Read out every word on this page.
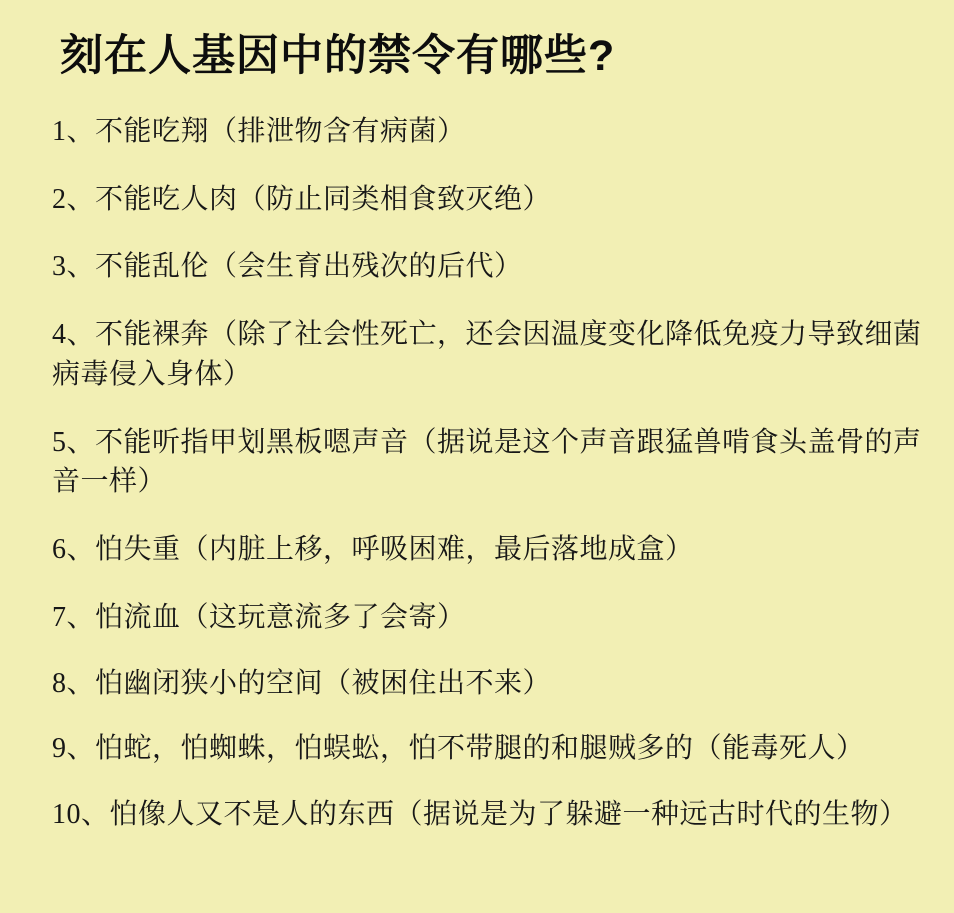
刻在人基因中的禁令有哪些?
1、不能吃翔（排泄物含有病菌）
2、不能吃人肉（防止同类相食致灭绝）
3、不能乱伦（会生育出残次的后代）
4、不能裸奔（除了社会性死亡，还会因温度变化降低免疫力导致细菌病毒侵入身体）
5、不能听指甲划黑板嗯声音（据说是这个声音跟猛兽啃食头盖骨的声音一样）
6、怕失重（内脏上移，呼吸困难，最后落地成盒）
7、怕流血（这玩意流多了会寄）
8、怕幽闭狭小的空间（被困住出不来）
9、怕蛇，怕蜘蛛，怕蜈蚣，怕不带腿的和腿贼多的（能毒死人）
10、怕像人又不是人的东西（据说是为了躲避一种远古时代的生物）
